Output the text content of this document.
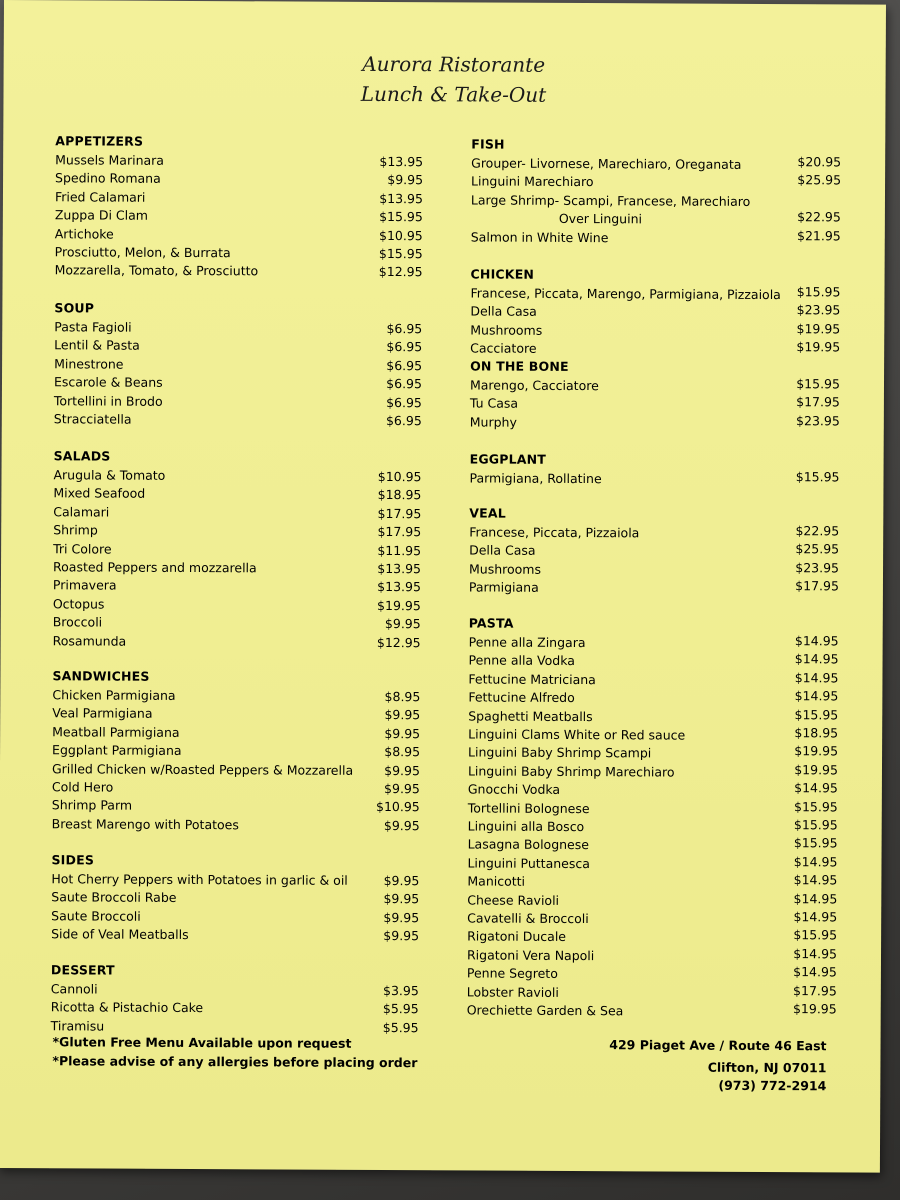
Aurora Ristorante
Lunch & Take-Out
*Gluten Free Menu Available upon request
*Please advise of any allergies before placing order
429 Piaget Ave / Route 46 East
Clifton, NJ 07011
(973) 772-2914
APPETIZERS
Mussels Marinara	$13.95
Spedino Romana	$9.95
Fried Calamari	$13.95
Zuppa Di Clam	$15.95
Artichoke	$10.95
Prosciutto, Melon, & Burrata	$15.95
Mozzarella, Tomato, & Prosciutto	$12.95
SOUP
Pasta Fagioli	$6.95
Lentil & Pasta	$6.95
Minestrone	$6.95
Escarole & Beans	$6.95
Tortellini in Brodo	$6.95
Stracciatella	$6.95
SALADS
Arugula & Tomato	$10.95
Mixed Seafood	$18.95
Calamari	$17.95
Shrimp	$17.95
Tri Colore	$11.95
Roasted Peppers and mozzarella	$13.95
Primavera	$13.95
Octopus	$19.95
Broccoli	$9.95
Rosamunda	$12.95
SANDWICHES
Chicken Parmigiana	$8.95
Veal Parmigiana	$9.95
Meatball Parmigiana	$9.95
Eggplant Parmigiana	$8.95
Grilled Chicken w/Roasted Peppers & Mozzarella $9.95
Cold Hero	$9.95
Shrimp Parm	$10.95
Breast Marengo with Potatoes	$9.95
SIDES
Hot Cherry Peppers with Potatoes in garlic & oil	$9.95
Saute Broccoli Rabe	$9.95
Saute Broccoli	$9.95
Side of Veal Meatballs	$9.95
DESSERT
Cannoli	$3.95
Ricotta & Pistachio Cake	$5.95
Tiramisu	$5.95
FISH
Grouper- Livornese, Marechiaro, Oreganata	$20.95
Linguini Marechiaro	$25.95
Large Shrimp- Scampi, Francese, Marechiaro
Over Linguini	$22.95
Salmon in White Wine	$21.95
CHICKEN
Francese, Piccata, Marengo, Parmigiana, Pizzaiola $15.95
Della Casa	$23.95
Mushrooms	$19.95
Cacciatore	$19.95
ON THE BONE
Marengo, Cacciatore	$15.95
Tu Casa	$17.95
Murphy	$23.95
EGGPLANT
Parmigiana, Rollatine	$15.95
VEAL
Francese, Piccata, Pizzaiola	$22.95
Della Casa	$25.95
Mushrooms	$23.95
Parmigiana	$17.95
PASTA
Penne alla Zingara	$14.95
Penne alla Vodka	$14.95
Fettucine Matriciana	$14.95
Fettucine Alfredo	$14.95
Spaghetti Meatballs	$15.95
Linguini Clams White or Red sauce	$18.95
Linguini Baby Shrimp Scampi	$19.95
Linguini Baby Shrimp Marechiaro	$19.95
Gnocchi Vodka	$14.95
Tortellini Bolognese	$15.95
Linguini alla Bosco	$15.95
Lasagna Bolognese	$15.95
Linguini Puttanesca	$14.95
Manicotti	$14.95
Cheese Ravioli	$14.95
Cavatelli & Broccoli	$14.95
Rigatoni Ducale	$15.95
Rigatoni Vera Napoli	$14.95
Penne Segreto	$14.95
Lobster Ravioli	$17.95
Orechiette Garden & Sea	$19.95
